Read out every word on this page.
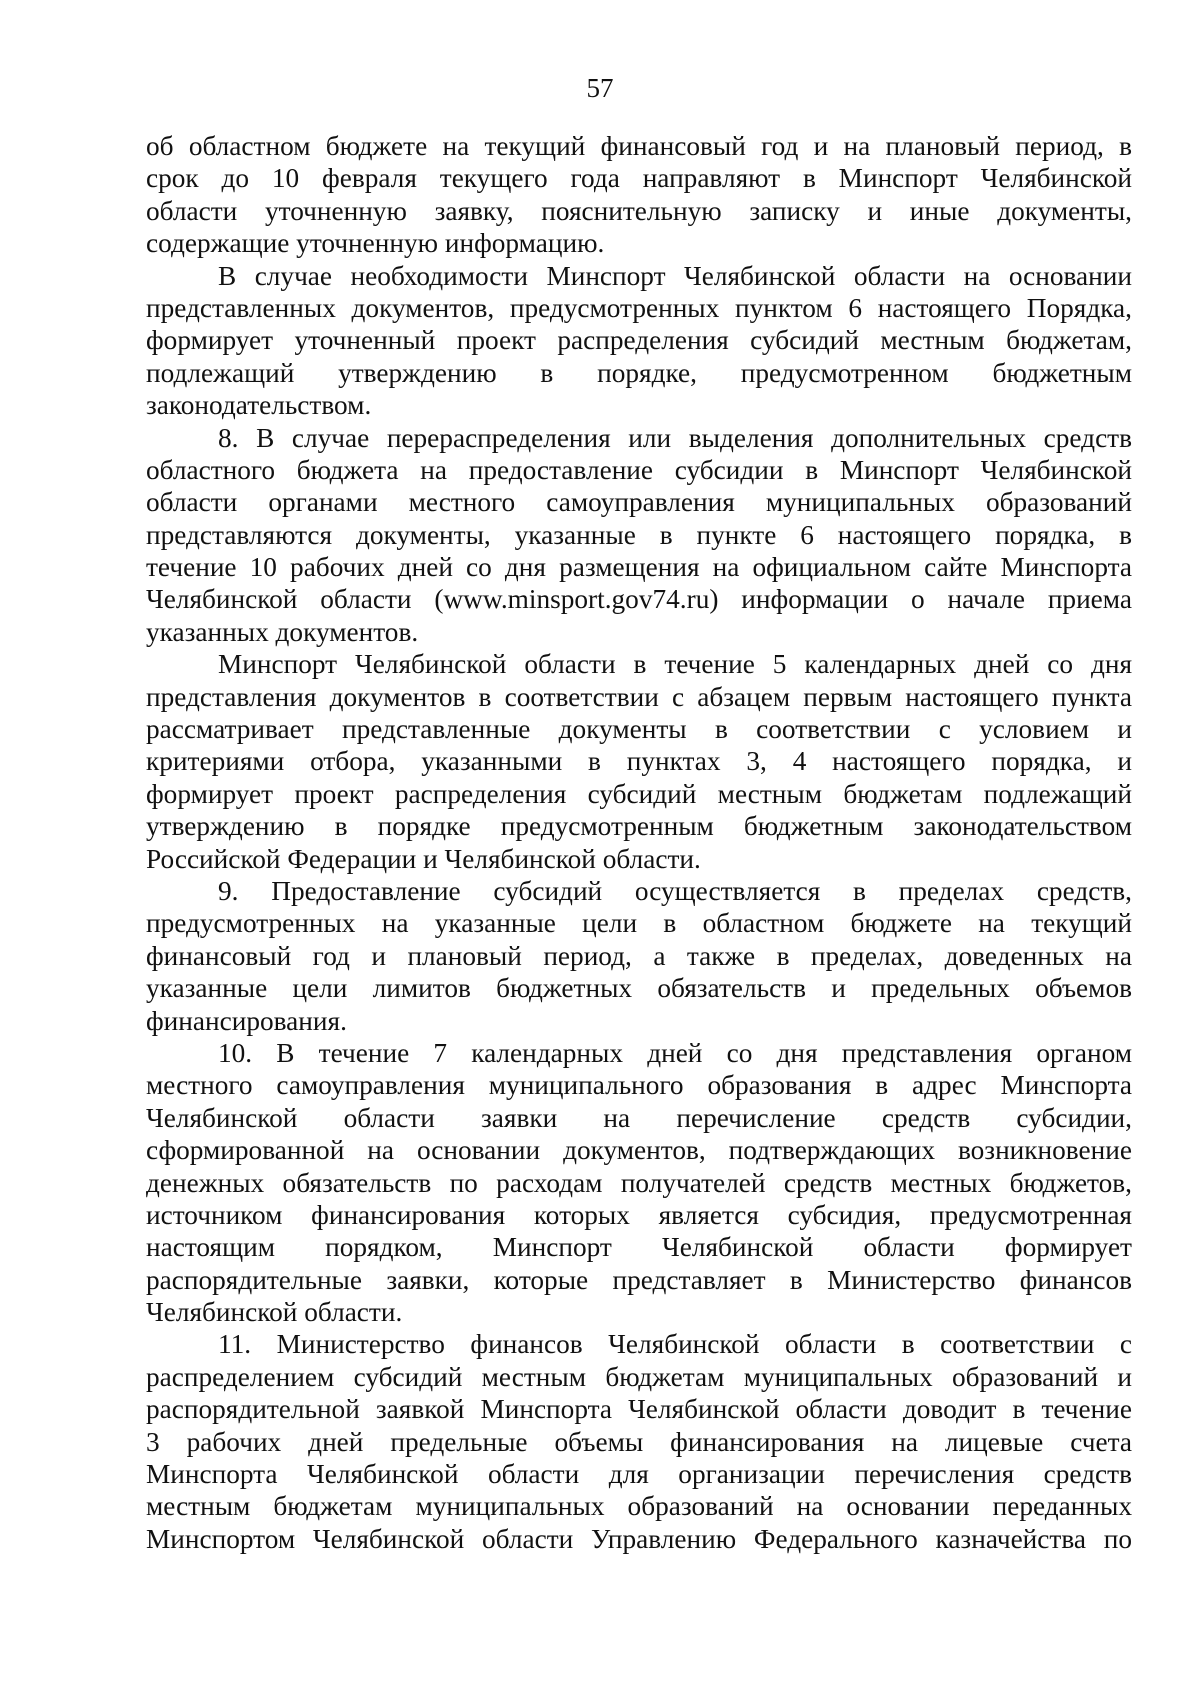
57
об областном бюджете на текущий финансовый год и на плановый период, в
срок до 10 февраля текущего года направляют в Минспорт Челябинской
области уточненную заявку, пояснительную записку и иные документы,
содержащие уточненную информацию.
В случае необходимости Минспорт Челябинской области на основании
представленных документов, предусмотренных пунктом 6 настоящего Порядка,
формирует уточненный проект распределения субсидий местным бюджетам,
подлежащий утверждению в порядке, предусмотренном бюджетным
законодательством.
8. В случае перераспределения или выделения дополнительных средств
областного бюджета на предоставление субсидии в Минспорт Челябинской
области органами местного самоуправления муниципальных образований
представляются документы, указанные в пункте 6 настоящего порядка, в
течение 10 рабочих дней со дня размещения на официальном сайте Минспорта
Челябинской области (www.minsport.gov74.ru) информации о начале приема
указанных документов.
Минспорт Челябинской области в течение 5 календарных дней со дня
представления документов в соответствии с абзацем первым настоящего пункта
рассматривает представленные документы в соответствии с условием и
критериями отбора, указанными в пунктах 3, 4 настоящего порядка, и
формирует проект распределения субсидий местным бюджетам подлежащий
утверждению в порядке предусмотренным бюджетным законодательством
Российской Федерации и Челябинской области.
9. Предоставление субсидий осуществляется в пределах средств,
предусмотренных на указанные цели в областном бюджете на текущий
финансовый год и плановый период, а также в пределах, доведенных на
указанные цели лимитов бюджетных обязательств и предельных объемов
финансирования.
10. В течение 7 календарных дней со дня представления органом
местного самоуправления муниципального образования в адрес Минспорта
Челябинской области заявки на перечисление средств субсидии,
сформированной на основании документов, подтверждающих возникновение
денежных обязательств по расходам получателей средств местных бюджетов,
источником финансирования которых является субсидия, предусмотренная
настоящим порядком, Минспорт Челябинской области формирует
распорядительные заявки, которые представляет в Министерство финансов
Челябинской области.
11. Министерство финансов Челябинской области в соответствии с
распределением субсидий местным бюджетам муниципальных образований и
распорядительной заявкой Минспорта Челябинской области доводит в течение
3 рабочих дней предельные объемы финансирования на лицевые счета
Минспорта Челябинской области для организации перечисления средств
местным бюджетам муниципальных образований на основании переданных
Минспортом Челябинской области Управлению Федерального казначейства по
